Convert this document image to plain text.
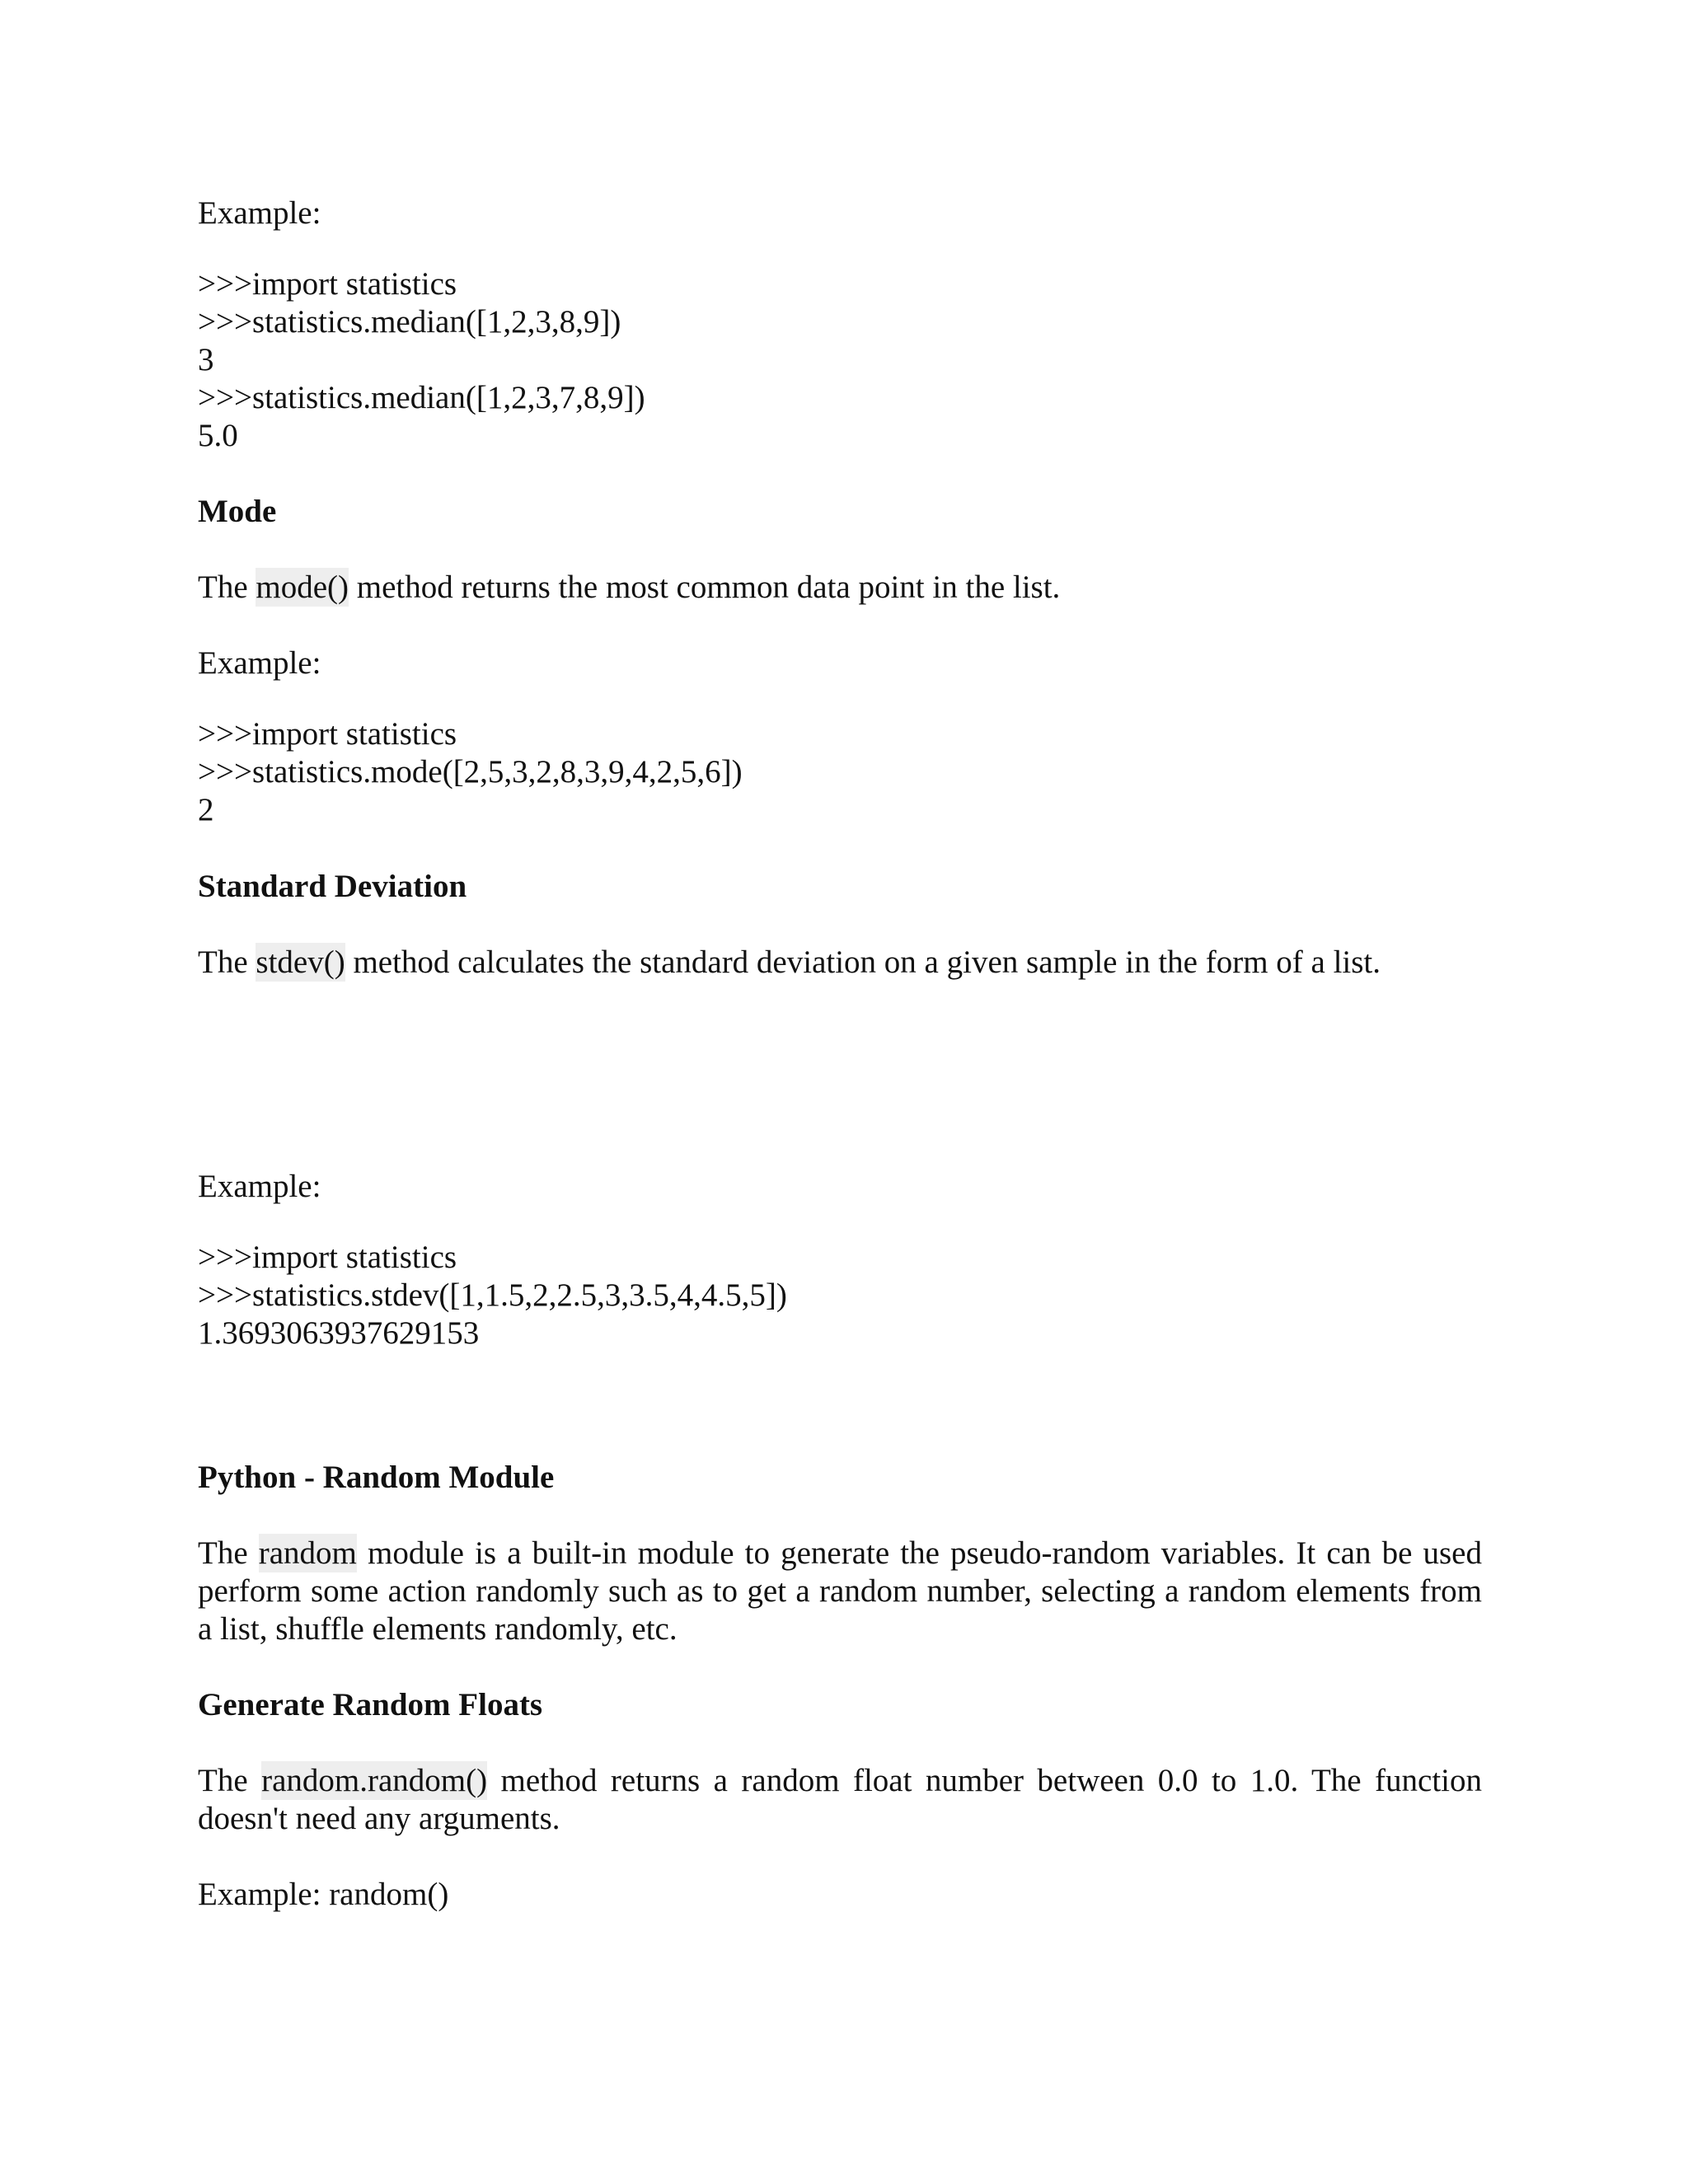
Example:
>>>import statistics
>>>statistics.median([1,2,3,8,9])
3
>>>statistics.median([1,2,3,7,8,9])
5.0
Mode
The mode() method returns the most common data point in the list.
Example:
>>>import statistics
>>>statistics.mode([2,5,3,2,8,3,9,4,2,5,6])
2
Standard Deviation
The stdev() method calculates the standard deviation on a given sample in the form of a list.
Example:
>>>import statistics
>>>statistics.stdev([1,1.5,2,2.5,3,3.5,4,4.5,5])
1.3693063937629153
Python - Random Module
The random module is a built-in module to generate the pseudo-random variables. It can be used perform some action randomly such as to get a random number, selecting a random elements from a list, shuffle elements randomly, etc.
Generate Random Floats
The random.random() method returns a random float number between 0.0 to 1.0. The function doesn't need any arguments.
Example: random()
